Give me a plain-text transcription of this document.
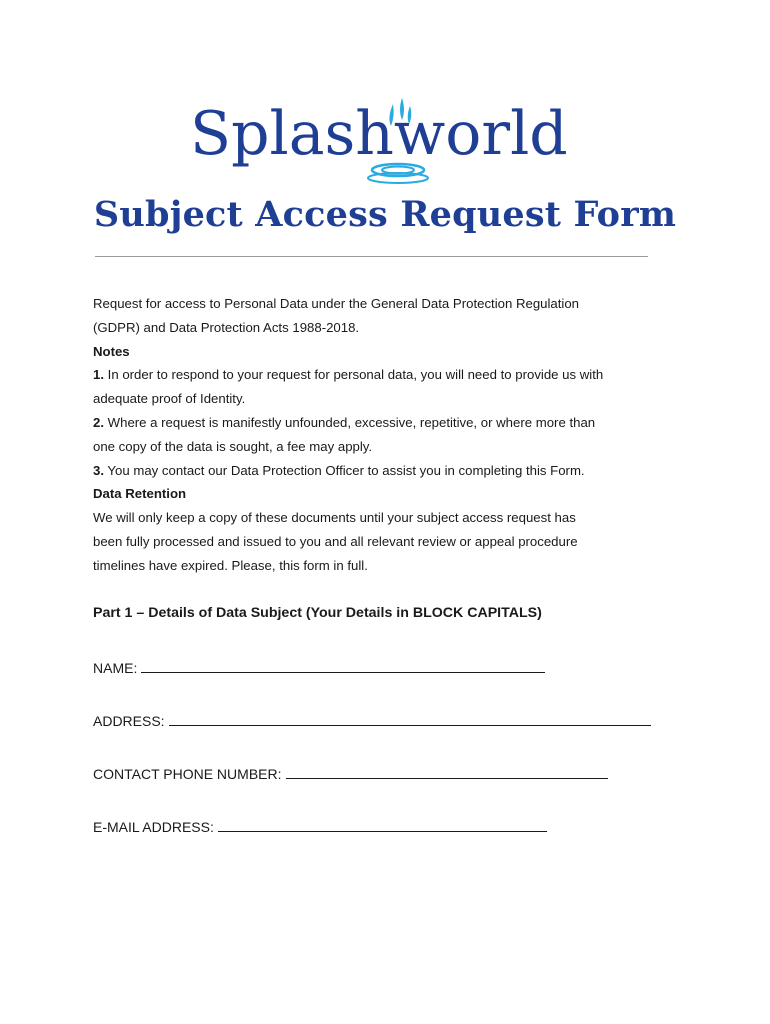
Splashworld
Subject Access Request Form

Request for access to Personal Data under the General Data Protection Regulation

(GDPR) and Data Protection Acts 1988-2018.

Notes

1. In order to respond to your request for personal data, you will need to provide us with

adequate proof of Identity.

2. Where a request is manifestly unfounded, excessive, repetitive, or where more than

one copy of the data is sought, a fee may apply.

3. You may contact our Data Protection Officer to assist you in completing this Form.

Data Retention

We will only keep a copy of these documents until your subject access request has

been fully processed and issued to you and all relevant review or appeal procedure

timelines have expired. Please, this form in full.

Part 1 – Details of Data Subject (Your Details in BLOCK CAPITALS)
NAME:
ADDRESS:
CONTACT PHONE NUMBER:
E-MAIL ADDRESS:
